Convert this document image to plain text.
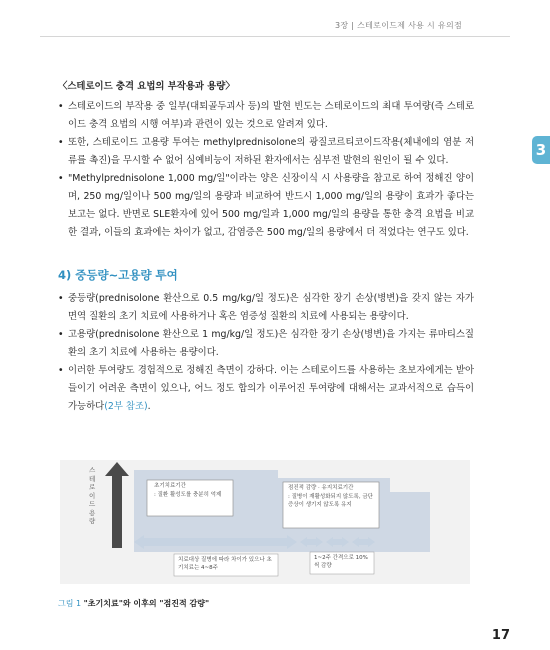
3장 | 스테로이드제 사용 시 유의점
3
〈스테로이드 충격 요법의 부작용과 용량〉
• 스테로이드의 부작용 중 일부(대퇴골두괴사 등)의 발현 빈도는 스테로이드의 최대 투여량(즉 스테로이드 충격 요법의 시행 여부)과 관련이 있는 것으로 알려져 있다.
• 또한, 스테로이드 고용량 투여는 methylprednisolone의 광질코르티코이드작용(체내에의 염분 저류를 촉진)을 무시할 수 없어 심예비능이 저하된 환자에서는 심부전 발현의 원인이 될 수 있다.
• "Methylprednisolone 1,000 mg/일"이라는 양은 신장이식 시 사용량을 참고로 하여 정해진 양이며, 250 mg/일이나 500 mg/일의 용량과 비교하여 반드시 1,000 mg/일의 용량이 효과가 좋다는 보고는 없다. 반면로 SLE환자에 있어 500 mg/일과 1,000 mg/일의 용량을 통한 충격 요법을 비교한 결과, 이들의 효과에는 차이가 없고, 감염증은 500 mg/일의 용량에서 더 적었다는 연구도 있다.
4) 중등량~고용량 투여
• 중등량(prednisolone 환산으로 0.5 mg/kg/일 정도)은 심각한 장기 손상(병변)을 갖지 않는 자가면역 질환의 초기 치료에 사용하거나 혹은 염증성 질환의 치료에 사용되는 용량이다.
• 고용량(prednisolone 환산으로 1 mg/kg/일 정도)은 심각한 장기 손상(병변)을 가지는 류마티스질환의 초기 치료에 사용하는 용량이다.
• 이러한 투여량도 경험적으로 정해진 측면이 강하다. 이는 스테로이드를 사용하는 초보자에게는 받아들이기 어려운 측면이 있으나, 어느 정도 합의가 이루어진 투여량에 대해서는 교과서적으로 습득이 가능하다(2부 참조).
스테로이드용량
초기치료기간
: 질환 활성도를 충분히 억제
점진적 감량 · 유지치료기간
: 질병이 재활성화되지 않도록, 금단증상이 생기지 않도록 유지
치료대상 질병에 따라 차이가 있으나 초기치료는 4~8주
1~2주 간격으로 10%씩 감량
그림 1 "초기치료"와 이후의 "점진적 감량"
17
